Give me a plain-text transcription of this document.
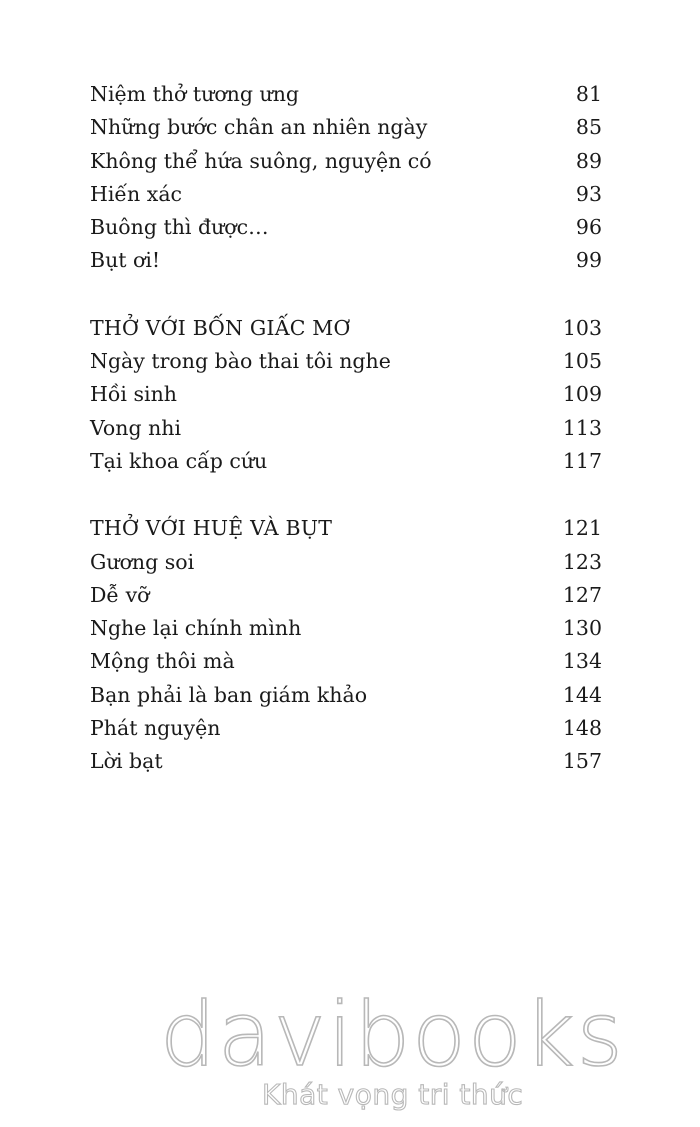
Niệm thở tương ưng	81
Những bước chân an nhiên ngày	85
Không thể hứa suông, nguyện có	89
Hiến xác	93
Buông thì được…	96
Bụt ơi!	99
THỞ VỚI BỐN GIẤC MƠ	103
Ngày trong bào thai tôi nghe	105
Hồi sinh	109
Vong nhi	113
Tại khoa cấp cứu	117
THỞ VỚI HUỆ VÀ BỤT	121
Gương soi	123
Dễ vỡ	127
Nghe lại chính mình	130
Mộng thôi mà	134
Bạn phải là ban giám khảo	144
Phát nguyện	148
Lời bạt	157
davibooks
Khát vọng tri thức
